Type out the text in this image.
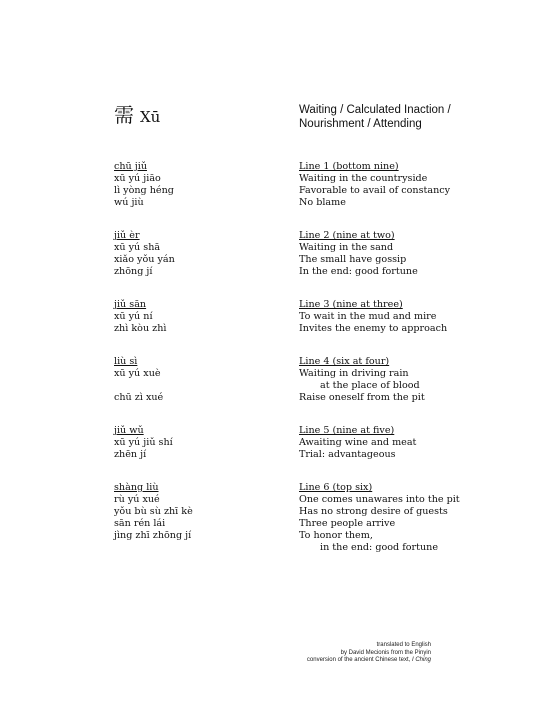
需 Xū	Waiting / Calculated Inaction /
Nourishment / Attending
chū jiǔ
xū yú jiāo
lì yòng héng
wú jiù
Line 1 (bottom nine)
Waiting in the countryside
Favorable to avail of constancy
No blame
jiǔ èr
xū yú shā
xiǎo yǒu yán
zhōng jí
Line 2 (nine at two)
Waiting in the sand
The small have gossip
In the end: good fortune
jiǔ sān
xū yú ní
zhì kòu zhì
Line 3 (nine at three)
To wait in the mud and mire
Invites the enemy to approach
liù sì
xū yú xuè
chū zì xué
Line 4 (six at four)
Waiting in driving rain
at the place of blood
Raise oneself from the pit
jiǔ wǔ
xū yú jiǔ shí
zhēn jí
Line 5 (nine at five)
Awaiting wine and meat
Trial: advantageous
shàng liù
rù yú xué
yǒu bù sù zhī kè
sān rén lái
jìng zhī zhōng jí
Line 6 (top six)
One comes unawares into the pit
Has no strong desire of guests
Three people arrive
To honor them,
in the end: good fortune
translated to English
by David Mecionis from the Pinyin
conversion of the ancient Chinese text, I Ching
